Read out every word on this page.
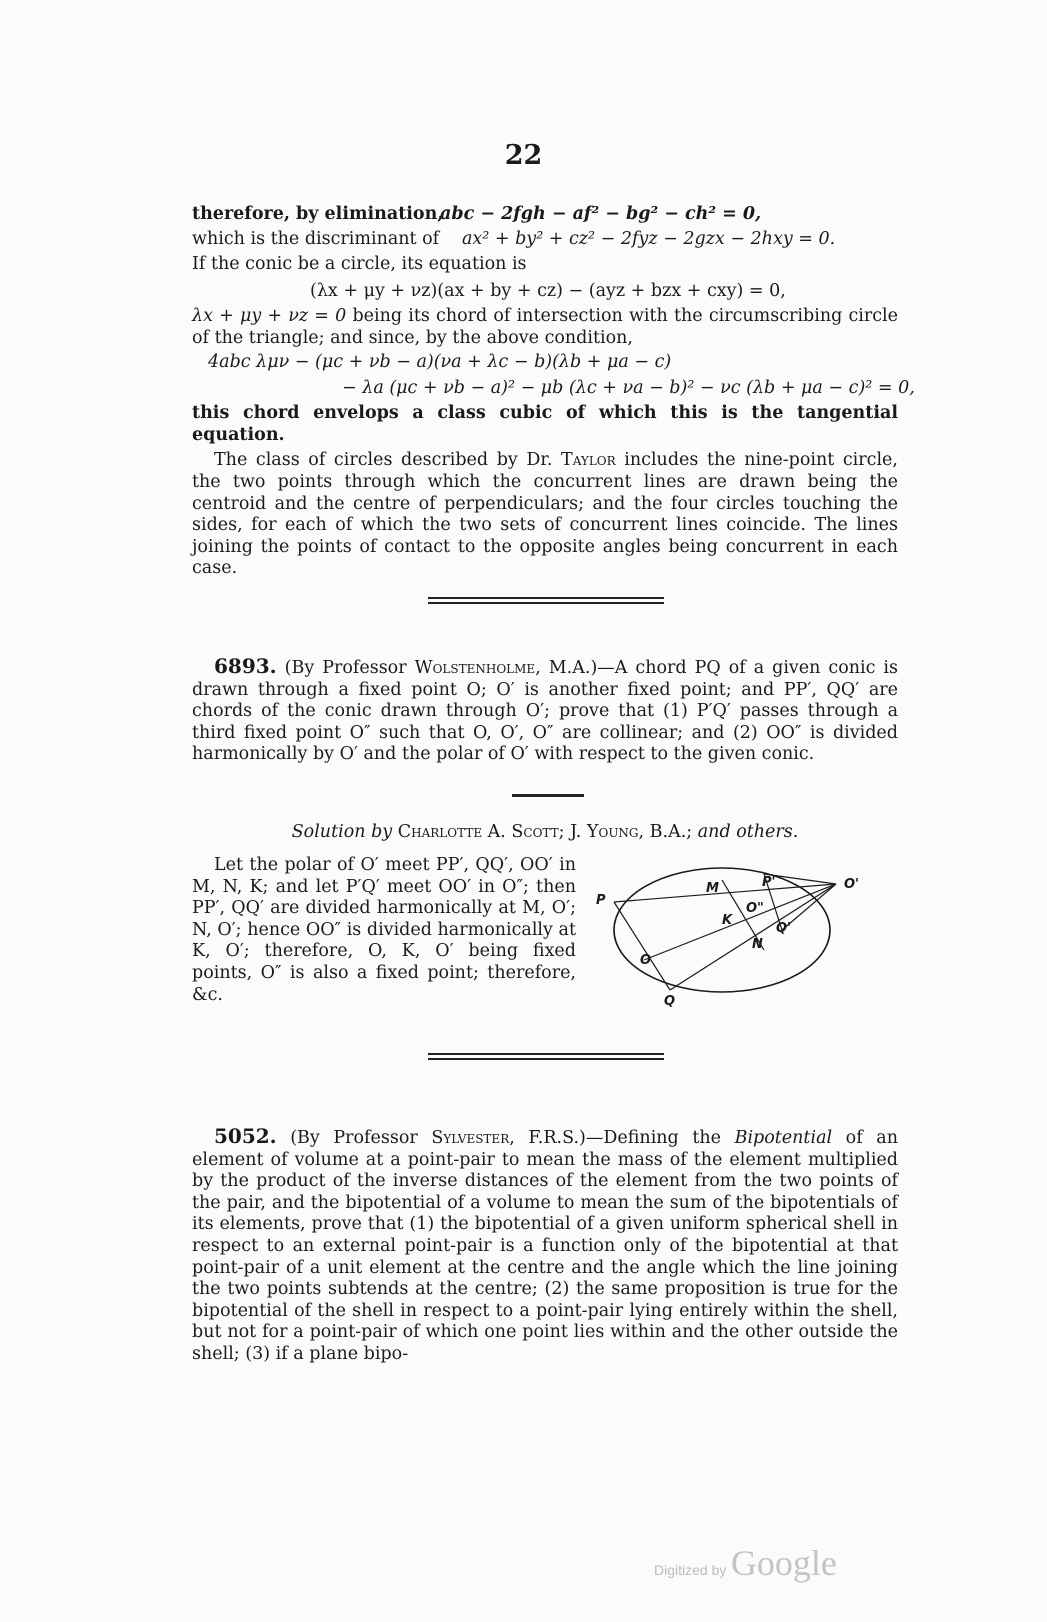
22
therefore, by elimination,
abc − 2fgh − af² − bg² − ch² = 0,
which is the discriminant of ax² + by² + cz² − 2fyz − 2gzx − 2hxy = 0.
If the conic be a circle, its equation is
(λx + μy + νz)(ax + by + cz) − (ayz + bzx + cxy) = 0,

λx + μy + νz = 0 being its chord of intersection with the circumscribing circle of the triangle; and since, by the above condition,

4abc λμν − (μc + νb − a)(νa + λc − b)(λb + μa − c)
− λa (μc + νb − a)² − μb (λc + νa − b)² − νc (λb + μa − c)² = 0,

this chord envelops a class cubic of which this is the tangential equation.

The class of circles described by Dr. Taylor includes the nine-point circle, the two points through which the concurrent lines are drawn being the centroid and the centre of perpendiculars; and the four circles touching the sides, for each of which the two sets of concurrent lines coincide. The lines joining the points of contact to the opposite angles being concurrent in each case.

6893. (By Professor Wolstenholme, M.A.)—A chord PQ of a given conic is drawn through a fixed point O; O′ is another fixed point; and PP′, QQ′ are chords of the conic drawn through O′; prove that (1) P′Q′ passes through a third fixed point O″ such that O, O′, O″ are collinear; and (2) OO″ is divided harmonically by O′ and the polar of O′ with respect to the given conic.

Solution by Charlotte A. Scott; J. Young, B.A.; and others.

Let the polar of O′ meet PP′, QQ′, OO′ in M, N, K; and let P′Q′ meet OO′ in O″; then PP′, QQ′ are divided harmonically at M, O′; N, O′; hence OO″ is divided harmonically at K, O′; therefore, O, K, O′ being fixed points, O″ is also a fixed point; therefore, &c.

P
Q
O
O'
O"
M
N
K
P'
Q'

5052. (By Professor Sylvester, F.R.S.)—Defining the Bipotential of an element of volume at a point-pair to mean the mass of the element multiplied by the product of the inverse distances of the element from the two points of the pair, and the bipotential of a volume to mean the sum of the bipotentials of its elements, prove that (1) the bipotential of a given uniform spherical shell in respect to an external point-pair is a function only of the bipotential at that point-pair of a unit element at the centre and the angle which the line joining the two points subtends at the centre; (2) the same proposition is true for the bipotential of the shell in respect to a point-pair lying entirely within the shell, but not for a point-pair of which one point lies within and the other outside the shell; (3) if a plane bipo-

Digitized by Google
